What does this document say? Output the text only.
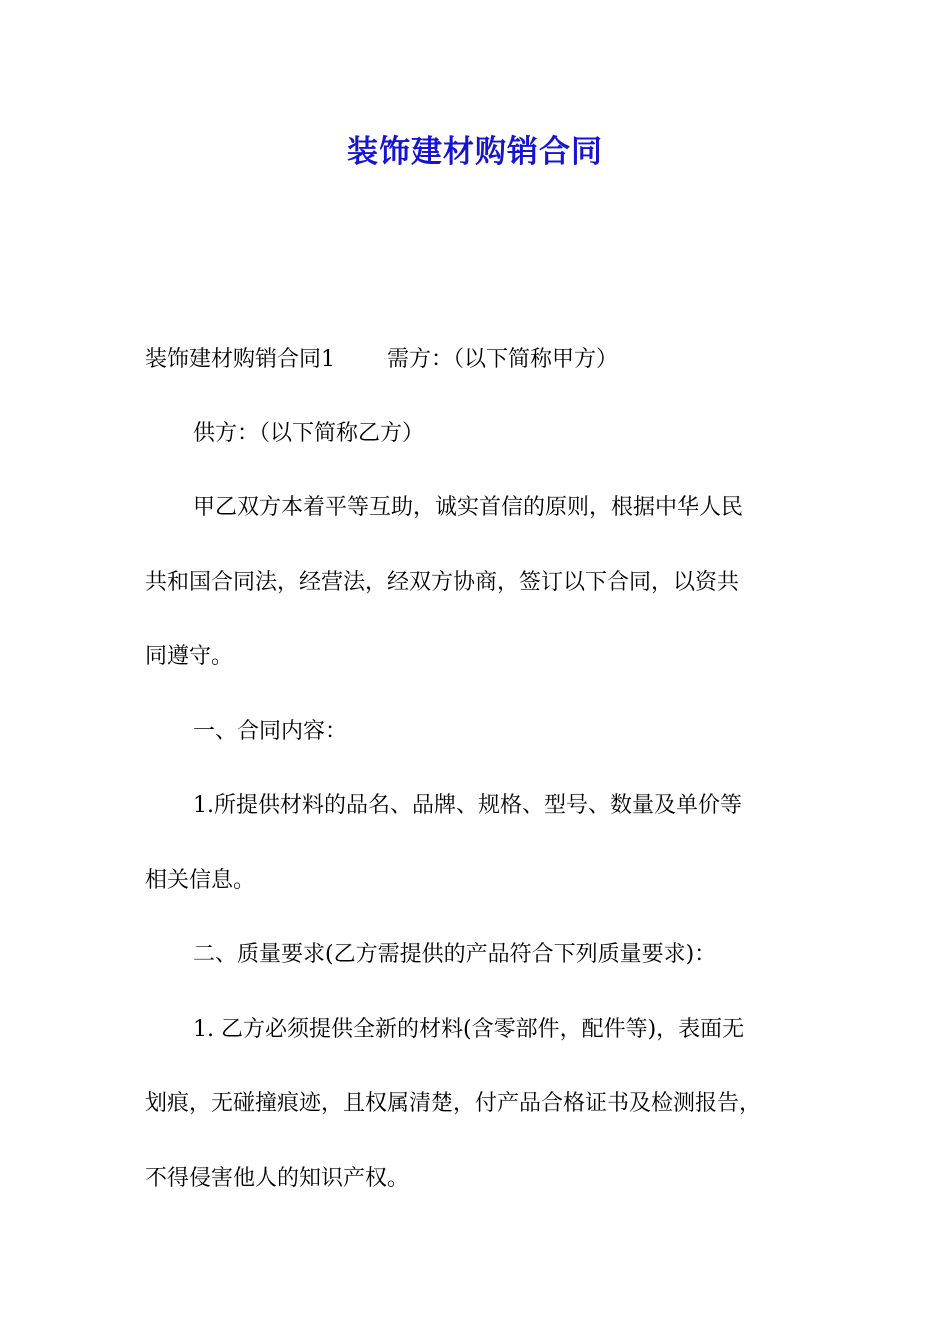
装饰建材购销合同
装饰建材购销合同1 需方：（以下简称甲方）
供方：（以下简称乙方）
甲乙双方本着平等互助，诚实首信的原则，根据中华人民
共和国合同法，经营法，经双方协商，签订以下合同，以资共
同遵守。
一、合同内容：
1.所提供材料的品名、品牌、规格、型号、数量及单价等
相关信息。
二、质量要求(乙方需提供的产品符合下列质量要求)：
1. 乙方必须提供全新的材料(含零部件，配件等)，表面无
划痕，无碰撞痕迹，且权属清楚，付产品合格证书及检测报告，
不得侵害他人的知识产权。
